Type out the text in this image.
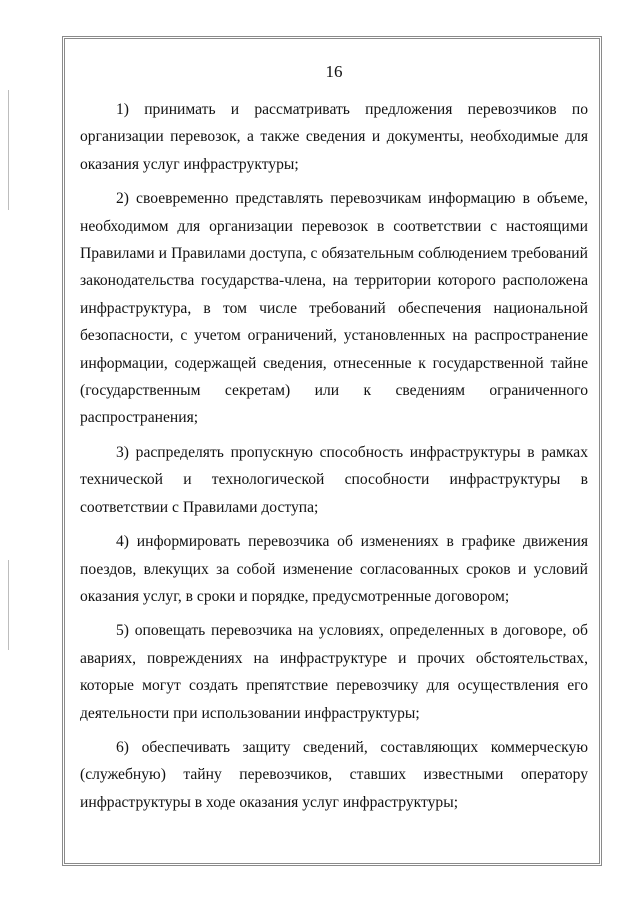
16

1) принимать и рассматривать предложения перевозчиков по организации перевозок, а также сведения и документы, необходимые для оказания услуг инфраструктуры;

2) своевременно представлять перевозчикам информацию в объеме, необходимом для организации перевозок в соответствии с настоящими Правилами и Правилами доступа, с обязательным соблюдением требований законодательства государства-члена, на территории которого расположена инфраструктура, в том числе требований обеспечения национальной безопасности, с учетом ограничений, установленных на распространение информации, содержащей сведения, отнесенные к государственной тайне (государственным секретам) или к сведениям ограниченного распространения;

3) распределять пропускную способность инфраструктуры в рамках технической и технологической способности инфраструктуры в соответствии с Правилами доступа;

4) информировать перевозчика об изменениях в графике движения поездов, влекущих за собой изменение согласованных сроков и условий оказания услуг, в сроки и порядке, предусмотренные договором;

5) оповещать перевозчика на условиях, определенных в договоре, об авариях, повреждениях на инфраструктуре и прочих обстоятельствах, которые могут создать препятствие перевозчику для осуществления его деятельности при использовании инфраструктуры;

6) обеспечивать защиту сведений, составляющих коммерческую (служебную) тайну перевозчиков, ставших известными оператору инфраструктуры в ходе оказания услуг инфраструктуры;
